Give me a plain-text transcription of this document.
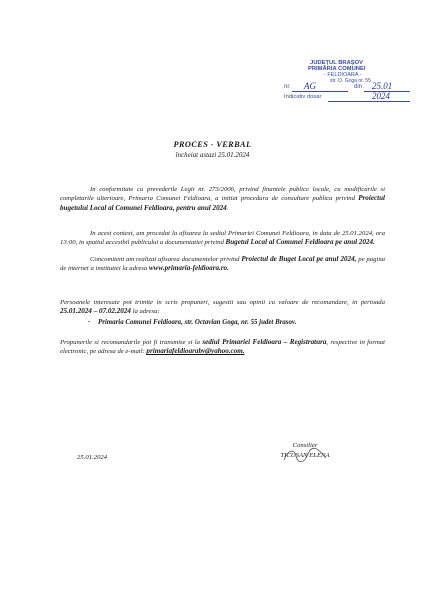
JUDEȚUL BRAȘOV
PRIMĂRIA COMUNEI
- FELDIOARA -
str. O. Goga nr. 55
nr.	din
Indicativ dosar
AG	25.01
2024
PROCES - VERBAL
încheiat astazi 25.01.2024
In conformitate cu prevederile Legii nr. 273/2006, privind finantele publice locale, cu modificarile si completarile ulterioare, Primaria Comunei Feldioara, a initiat procedura de consultare publica privind Proiectul bugetului Local al Comunei Feldioara, pentru anul 2024.
In acest context, am procedat la afisarea la sediul Primariei Comunei Feldioara, in data de 25.01.2024, ora 13:00, in spatiul accesibil publicului a documentatiei privind Bugetul Local al Comunei Feldioara pe anul 2024.
Concomitent am realizat afisarea documentelor privind Proiectul de Buget Local pe anul 2024, pe pagina de internet a institutiei la adresa www.primaria-feldioara.ro.
Persoanele interesate pot trimite in scris propuneri, sugestii sau opinii cu valoare de recomandare, in perioada 25.01.2024 – 07.02.2024 la adresa:
- Primaria Comunei Feldioara, str. Octavian Goga, nr. 55 judet Brasov.
Propunerile si recomandarile pot fi transmise si la sediul Primariei Feldioara – Registratura, respective in format electronic, pe adresa de e-mail: primariafeldioarabv@yahoo.com.
Consilier
TICUSAN ELENA
25.01.2024
